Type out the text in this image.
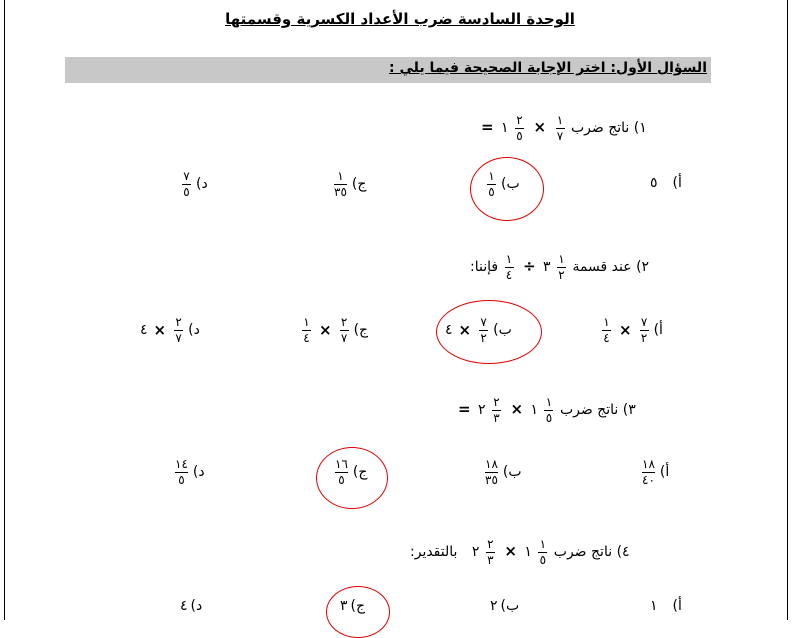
الوحدة السادسة ضرب الأعداد الكسرية وقسمتها
السؤال الأول: اختر الإجابة الصحيحة فيما يلي :
١) ناتج ضرب
$\frac{١}{٧}$
×
$\frac{٢}{٥}$
١ =
أ)
٥
ب)
$\frac{١}{٥}$
ج)
$\frac{١}{٣٥}$
د)
$\frac{٧}{٥}$
٢) عند قسمة
$\frac{١}{٢}$
٣ ÷
$\frac{١}{٤}$
فإننا:
أ)
$\frac{٧}{٢}$
×
$\frac{١}{٤}$
ب)
$\frac{٧}{٢}$
×
٤
ج)
$\frac{٢}{٧}$
×
$\frac{١}{٤}$
د)
$\frac{٢}{٧}$
×
٤
٣) ناتج ضرب
$\frac{١}{٥}$
١ ×
$\frac{٢}{٣}$
٢ =
أ)
$\frac{١٨}{٤٠}$
ب)
$\frac{١٨}{٣٥}$
ج)
$\frac{١٦}{٥}$
د)
$\frac{١٤}{٥}$
٤) ناتج ضرب
$\frac{١}{٥}$
١ ×
$\frac{٢}{٣}$
٢ بالتقدير:
أ)
١
ب)
٢
ج)
٣
د)
٤
